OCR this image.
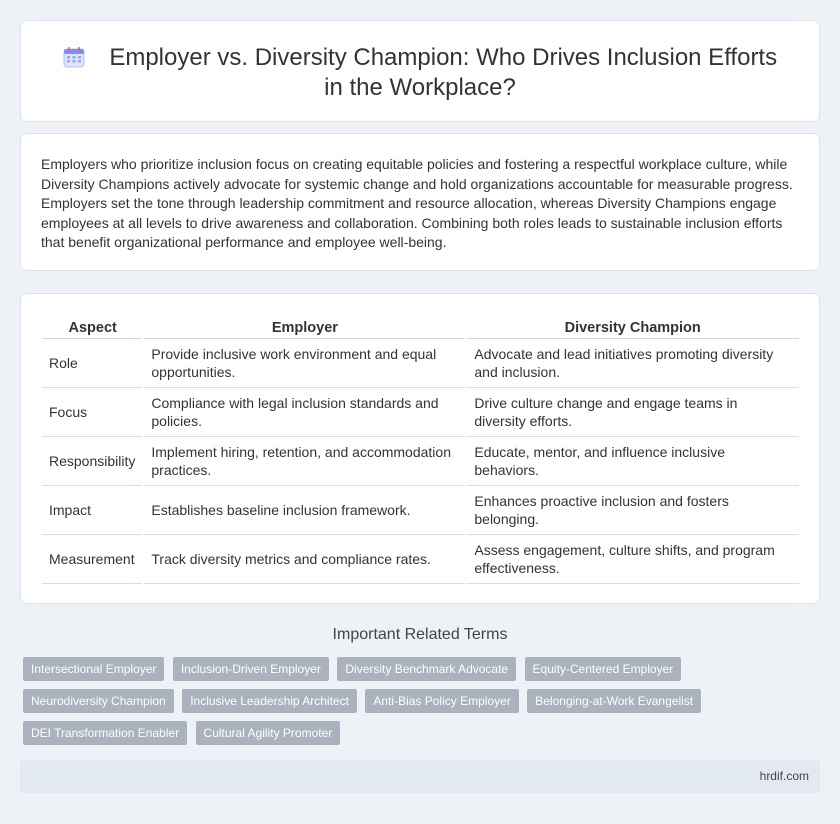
Employer vs. Diversity Champion: Who Drives Inclusion Efforts in the Workplace?

Employers who prioritize inclusion focus on creating equitable policies and fostering a respectful workplace culture, while Diversity Champions actively advocate for systemic change and hold organizations accountable for measurable progress. Employers set the tone through leadership commitment and resource allocation, whereas Diversity Champions engage employees at all levels to drive awareness and collaboration. Combining both roles leads to sustainable inclusion efforts that benefit organizational performance and employee well-being.

Aspect	Employer	Diversity Champion
Role	Provide inclusive work environment and equal opportunities.	Advocate and lead initiatives promoting diversity and inclusion.
Focus	Compliance with legal inclusion standards and policies.	Drive culture change and engage teams in diversity efforts.
Responsibility	Implement hiring, retention, and accommodation practices.	Educate, mentor, and influence inclusive behaviors.
Impact	Establishes baseline inclusion framework.	Enhances proactive inclusion and fosters belonging.
Measurement	Track diversity metrics and compliance rates.	Assess engagement, culture shifts, and program effectiveness.
Important Related Terms
Intersectional Employer Inclusion-Driven Employer Diversity Benchmark Advocate Equity-Centered Employer
Neurodiversity Champion Inclusive Leadership Architect Anti-Bias Policy Employer Belonging-at-Work Evangelist
DEI Transformation Enabler Cultural Agility Promoter
hrdif.com
